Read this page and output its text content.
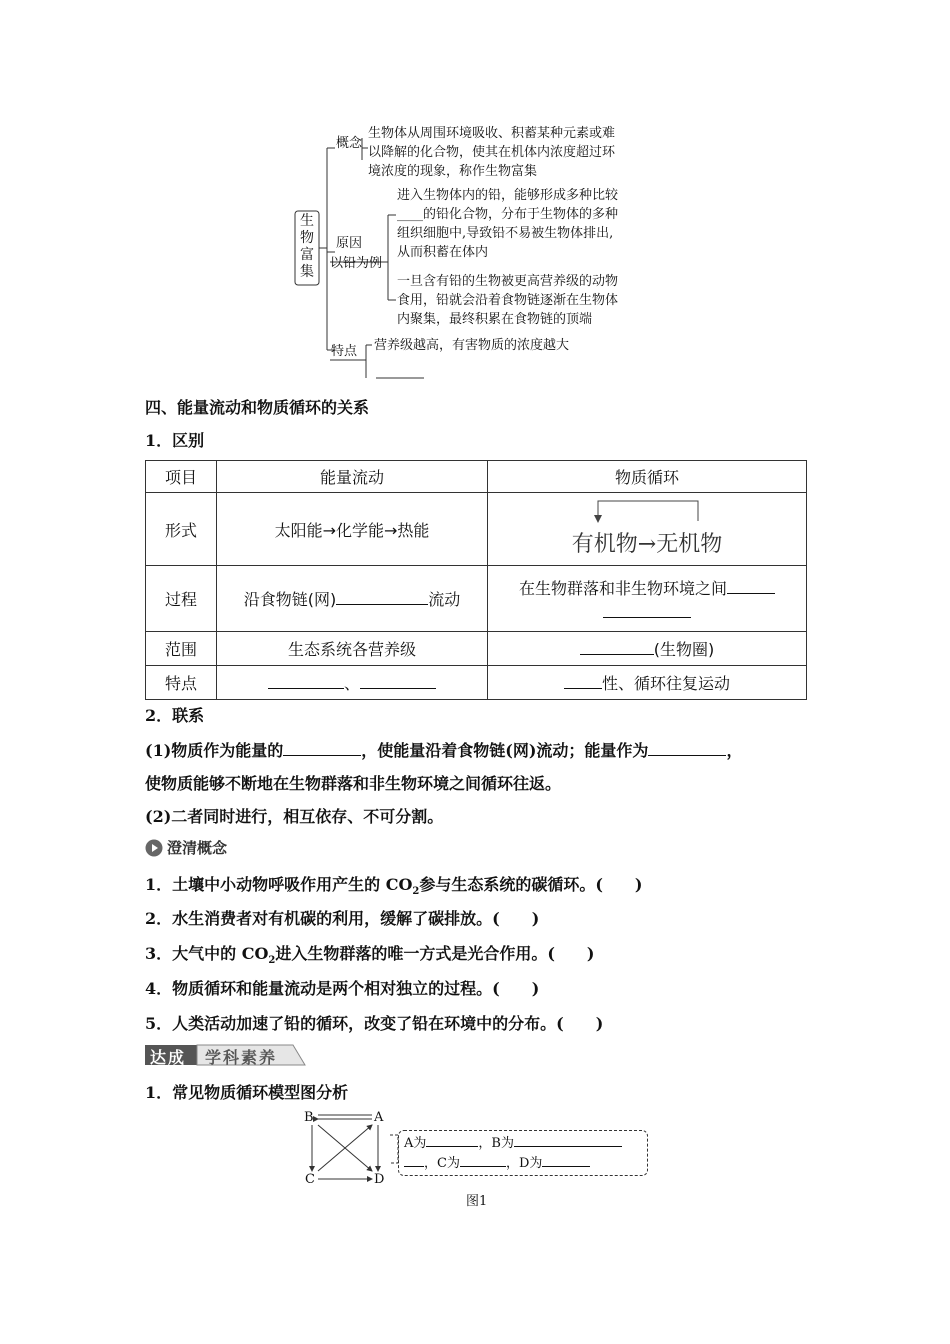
生
物
富
集
概念
生物体从周围环境吸收、积蓄某种元素或难
以降解的化合物，使其在机体内浓度超过环
境浓度的现象，称作生物富集
原因
以铅为例
进入生物体内的铅，能够形成多种比较
____的铅化合物，分布于生物体的多种
组织细胞中,导致铅不易被生物体排出,
从而积蓄在体内
一旦含有铅的生物被更高营养级的动物
食用，铅就会沿着食物链逐渐在生物体
内聚集，最终积累在食物链的顶端
特点 营养级越高，有害物质的浓度越大
四、能量流动和物质循环的关系
1．区别
项目	能量流动	物质循环
形式	太阳能→化学能→热能	有机物→无机物

过程	沿食物链(网) 流动	在生物群落和非生物环境之间

范围	生态系统各营养级	(生物圈)
特点	、	性、循环往复运动
2．联系
(1)物质作为能量的	，使能量沿着食物链(网)流动；能量作为	，
使物质能够不断地在生物群落和非生物环境之间循环往返。
(2)二者同时进行，相互依存、不可分割。
澄清概念
1．土壤中小动物呼吸作用产生的 $CO_2$参与生态系统的碳循环。(　　)
2．水生消费者对有机碳的利用，缓解了碳排放。(　　)
3．大气中的 $CO_2$进入生物群落的唯一方式是光合作用。(　　)
4．物质循环和能量流动是两个相对独立的过程。(　　)
5．人类活动加速了铅的循环，改变了铅在环境中的分布。(　　)
达成 学科素养
1．常见物质循环模型图分析
B	A
C	D
A为	，B为
，C为	，D为
图1
